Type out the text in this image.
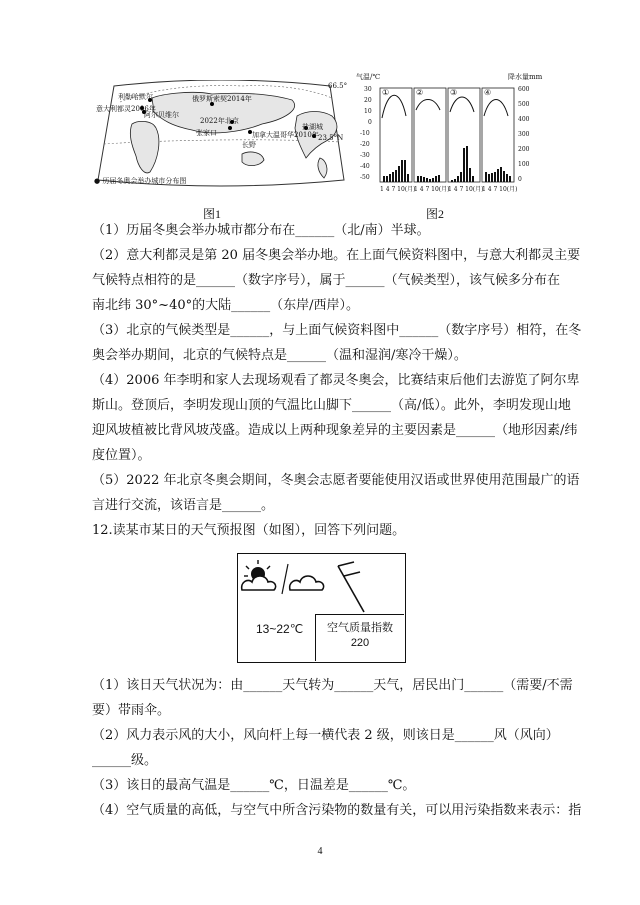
利勒哈默尔	俄罗斯索契2014年
意大利都灵2006年
阿尔贝维尔
2022年北京
张家口	加拿大温哥华2010年
盐湖城
长野
66.5°
23.5°N
● 历届冬奥会举办城市分布图
图1
气温/℃	降水量mm
①	②	③	④
30
20
10
0
-10
-20
-30
-40
-50
600
500
400
300
200
100
0
1 4 7 10(月)
1 4 7 10(月)
1 4 7 10(月)
1 4 7 10(月)
图2
（1）历届冬奥会举办城市都分布在______（北/南）半球。
（2）意大利都灵是第 20 届冬奥会举办地。在上面气候资料图中，与意大利都灵主要
气候特点相符的是______（数字序号），属于______（气候类型），该气候多分布在
南北纬 30°~40°的大陆______（东岸/西岸）。
（3）北京的气候类型是______，与上面气候资料图中______（数字序号）相符，在冬
奥会举办期间，北京的气候特点是______（温和湿润/寒冷干燥）。
（4）2006 年李明和家人去现场观看了都灵冬奥会，比赛结束后他们去游览了阿尔卑
斯山。登顶后，李明发现山顶的气温比山脚下______（高/低）。此外，李明发现山地
迎风坡植被比背风坡茂盛。造成以上两种现象差异的主要因素是______（地形因素/纬
度位置）。
（5）2022 年北京冬奥会期间，冬奥会志愿者要能使用汉语或世界使用范围最广的语
言进行交流，该语言是______。
12.读某市某日的天气预报图（如图），回答下列问题。
13~22℃	空气质量指数
220
（1）该日天气状况为：由______天气转为______天气，居民出门______（需要/不需
要）带雨伞。
（2）风力表示风的大小，风向杆上每一横代表 2 级，则该日是______风（风向）
______级。
（3）该日的最高气温是______℃，日温差是______℃。
（4）空气质量的高低，与空气中所含污染物的数量有关，可以用污染指数来表示：指
4
